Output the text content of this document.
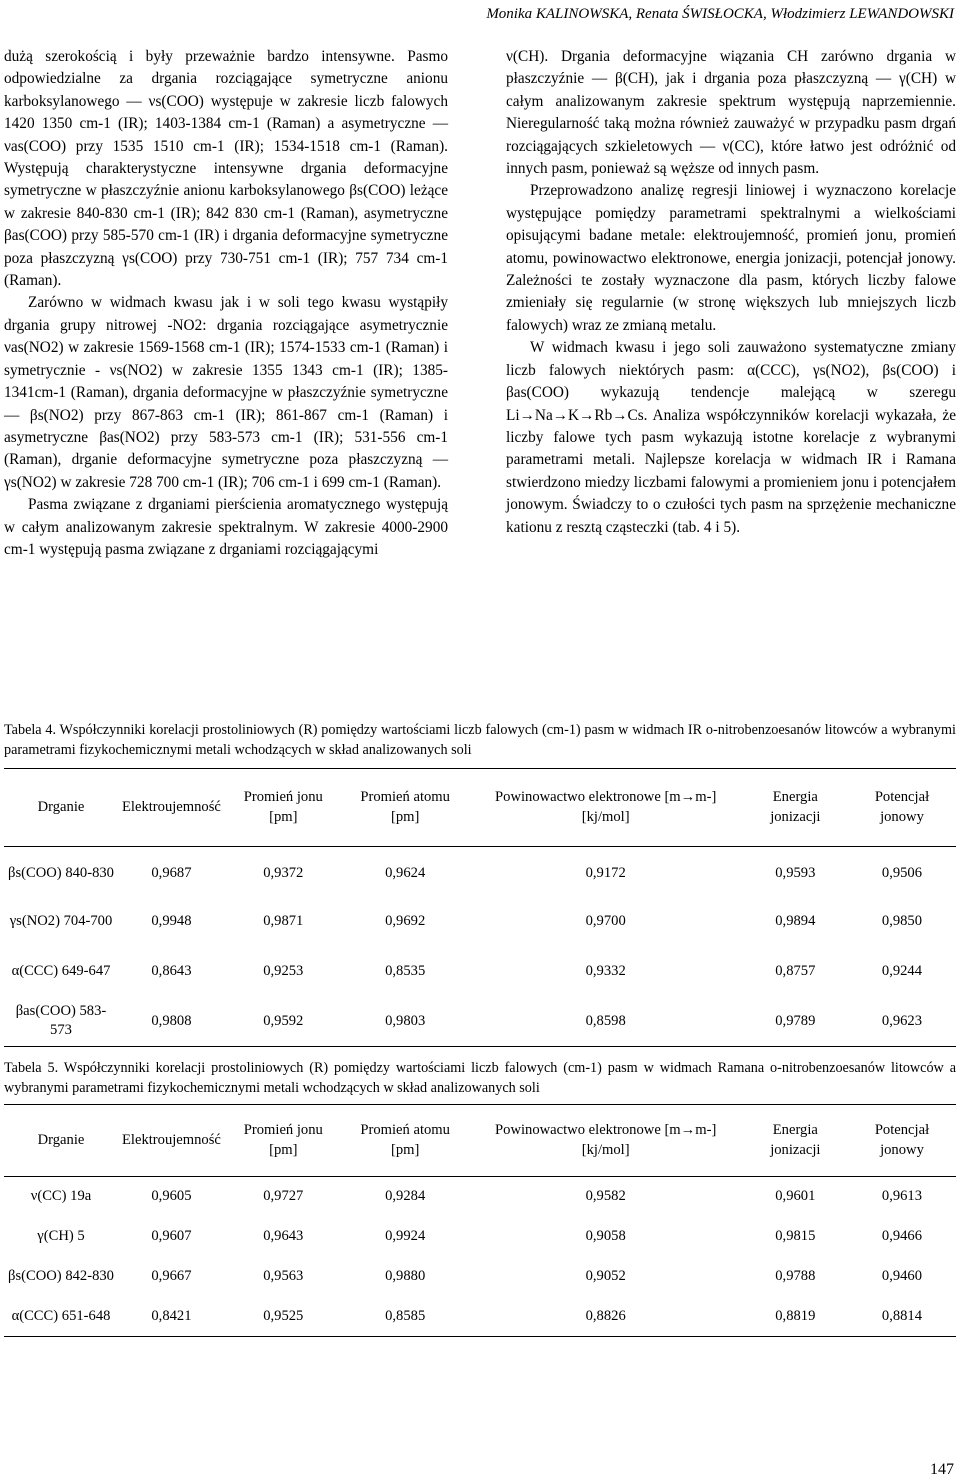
Monika KALINOWSKA, Renata ŚWISŁOCKA, Włodzimierz LEWANDOWSKI

dużą szerokością i były przeważnie bardzo intensywne. Pasmo odpowiedzialne za drgania rozciągające symetryczne anionu karboksylanowego — νs(COO) występuje w zakresie liczb falowych 1420 1350 cm-1 (IR); 1403-1384 cm-1 (Raman) a asymetryczne — νas(COO) przy 1535 1510 cm-1 (IR); 1534-1518 cm-1 (Raman). Występują charakterystyczne intensywne drgania deformacyjne symetryczne w płaszczyźnie anionu karboksylanowego βs(COO) leżące w zakresie 840-830 cm-1 (IR); 842 830 cm-1 (Raman), asymetryczne βas(COO) przy 585-570 cm-1 (IR) i drgania deformacyjne symetryczne poza płaszczyzną γs(COO) przy 730-751 cm-1 (IR); 757 734 cm-1 (Raman).

Zarówno w widmach kwasu jak i w soli tego kwasu wystąpiły drgania grupy nitrowej -NO2: drgania rozciągające asymetrycznie νas(NO2) w zakresie 1569-1568 cm-1 (IR); 1574-1533 cm-1 (Raman) i symetrycznie - νs(NO2) w zakresie 1355 1343 cm-1 (IR); 1385-1341cm-1 (Raman), drgania deformacyjne w płaszczyźnie symetryczne — βs(NO2) przy 867-863 cm-1 (IR); 861-867 cm-1 (Raman) i asymetryczne βas(NO2) przy 583-573 cm-1 (IR); 531-556 cm-1 (Raman), drganie deformacyjne symetryczne poza płaszczyzną — γs(NO2) w zakresie 728 700 cm-1 (IR); 706 cm-1 i 699 cm-1 (Raman).

Pasma związane z drganiami pierścienia aromatycznego występują w całym analizowanym zakresie spektralnym. W zakresie 4000-2900 cm-1 występują pasma związane z drganiami rozciągającymi

ν(CH). Drgania deformacyjne wiązania CH zarówno drgania w płaszczyźnie — β(CH), jak i drgania poza płaszczyzną — γ(CH) w całym analizowanym zakresie spektrum występują naprzemiennie. Nieregularność taką można również zauważyć w przypadku pasm drgań rozciągających szkieletowych — ν(CC), które łatwo jest odróżnić od innych pasm, ponieważ są węższe od innych pasm.

Przeprowadzono analizę regresji liniowej i wyznaczono korelacje występujące pomiędzy parametrami spektralnymi a wielkościami opisującymi badane metale: elektroujemność, promień jonu, promień atomu, powinowactwo elektronowe, energia jonizacji, potencjał jonowy. Zależności te zostały wyznaczone dla pasm, których liczby falowe zmieniały się regularnie (w stronę większych lub mniejszych liczb falowych) wraz ze zmianą metalu.

W widmach kwasu i jego soli zauważono systematyczne zmiany liczb falowych niektórych pasm: α(CCC), γs(NO2), βs(COO) i βas(COO) wykazują tendencje malejącą w szeregu Li→Na→K→Rb→Cs. Analiza współczynników korelacji wykazała, że liczby falowe tych pasm wykazują istotne korelacje z wybranymi parametrami metali. Najlepsze korelacja w widmach IR i Ramana stwierdzono miedzy liczbami falowymi a promieniem jonu i potencjałem jonowym. Świadczy to o czułości tych pasm na sprzężenie mechaniczne kationu z resztą cząsteczki (tab. 4 i 5).

Tabela 4. Współczynniki korelacji prostoliniowych (R) pomiędzy wartościami liczb falowych (cm-1) pasm w widmach IR o-nitrobenzoesanów litowców a wybranymi parametrami fizykochemicznymi metali wchodzących w skład analizowanych soli
Drganie	Elektroujemność	Promień jonu [pm]	Promień atomu [pm]	Powinowactwo elektronowe [m→m-] [kj/mol]	Energia jonizacji	Potencjał jonowy
βs(COO) 840-830	0,9687	0,9372	0,9624	0,9172	0,9593	0,9506
γs(NO2) 704-700	0,9948	0,9871	0,9692	0,9700	0,9894	0,9850
α(CCC) 649-647	0,8643	0,9253	0,8535	0,9332	0,8757	0,9244
βas(COO) 583-573	0,9808	0,9592	0,9803	0,8598	0,9789	0,9623
Tabela 5. Współczynniki korelacji prostoliniowych (R) pomiędzy wartościami liczb falowych (cm-1) pasm w widmach Ramana o-nitrobenzoesanów litowców a wybranymi parametrami fizykochemicznymi metali wchodzących w skład analizowanych soli
Drganie	Elektroujemność	Promień jonu [pm]	Promień atomu [pm]	Powinowactwo elektronowe [m→m-] [kj/mol]	Energia jonizacji	Potencjał jonowy
ν(CC) 19a	0,9605	0,9727	0,9284	0,9582	0,9601	0,9613
γ(CH) 5	0,9607	0,9643	0,9924	0,9058	0,9815	0,9466
βs(COO) 842-830	0,9667	0,9563	0,9880	0,9052	0,9788	0,9460
α(CCC) 651-648	0,8421	0,9525	0,8585	0,8826	0,8819	0,8814
147
